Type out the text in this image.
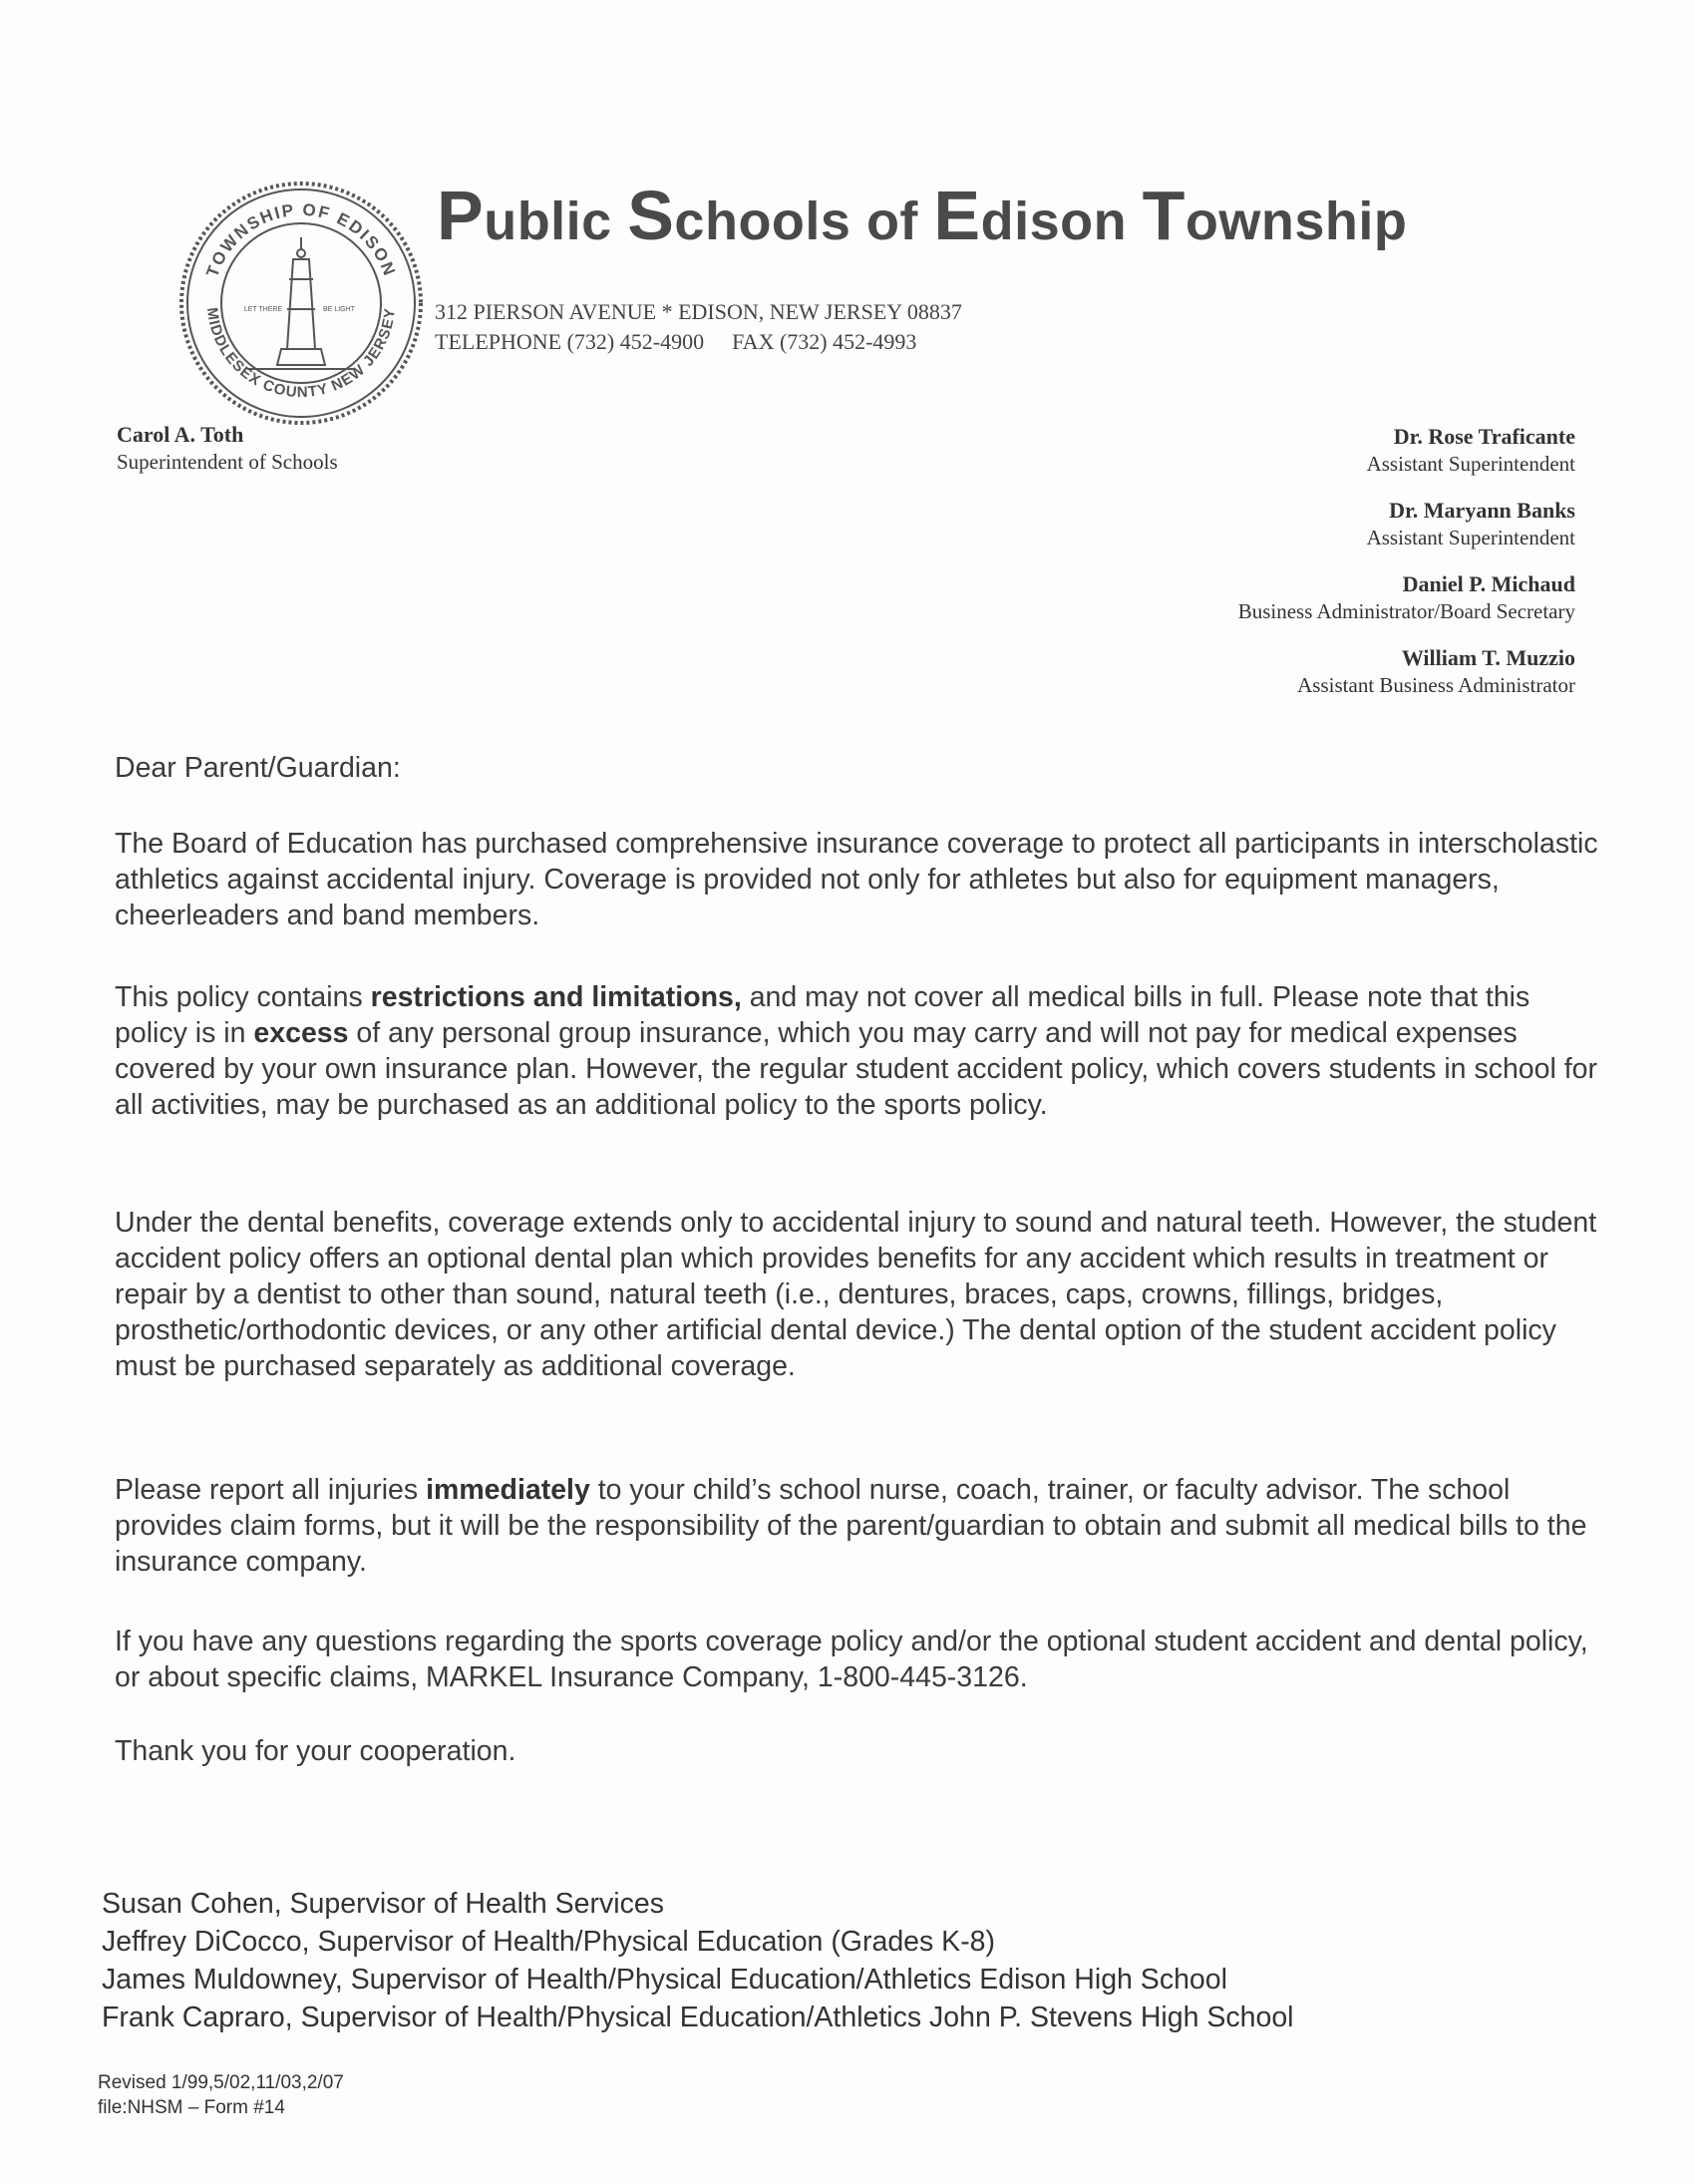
TOWNSHIP OF EDISON
MIDDLESEX COUNTY NEW JERSEY
LET THERE	BE LIGHT
Public Schools of Edison Township
312 PIERSON AVENUE * EDISON, NEW JERSEY 08837
TELEPHONE (732) 452-4900 FAX (732) 452-4993
Carol A. Toth
Superintendent of Schools
Dr. Rose Traficante
Assistant Superintendent
Dr. Maryann Banks
Assistant Superintendent
Daniel P. Michaud
Business Administrator/Board Secretary
William T. Muzzio
Assistant Business Administrator
Dear Parent/Guardian:
The Board of Education has purchased comprehensive insurance coverage to protect all participants in interscholastic athletics against accidental injury. Coverage is provided not only for athletes but also for equipment managers, cheerleaders and band members.
This policy contains restrictions and limitations, and may not cover all medical bills in full. Please note that this policy is in excess of any personal group insurance, which you may carry and will not pay for medical expenses covered by your own insurance plan. However, the regular student accident policy, which covers students in school for all activities, may be purchased as an additional policy to the sports policy.
Under the dental benefits, coverage extends only to accidental injury to sound and natural teeth. However, the student accident policy offers an optional dental plan which provides benefits for any accident which results in treatment or repair by a dentist to other than sound, natural teeth (i.e., dentures, braces, caps, crowns, fillings, bridges, prosthetic/orthodontic devices, or any other artificial dental device.) The dental option of the student accident policy must be purchased separately as additional coverage.
Please report all injuries immediately to your child’s school nurse, coach, trainer, or faculty advisor. The school provides claim forms, but it will be the responsibility of the parent/guardian to obtain and submit all medical bills to the insurance company.
If you have any questions regarding the sports coverage policy and/or the optional student accident and dental policy, or about specific claims, MARKEL Insurance Company, 1-800-445-3126.
Thank you for your cooperation.
Susan Cohen, Supervisor of Health Services
Jeffrey DiCocco, Supervisor of Health/Physical Education (Grades K-8)
James Muldowney, Supervisor of Health/Physical Education/Athletics Edison High School
Frank Capraro, Supervisor of Health/Physical Education/Athletics John P. Stevens High School
Revised 1/99,5/02,11/03,2/07
file:NHSM – Form #14
